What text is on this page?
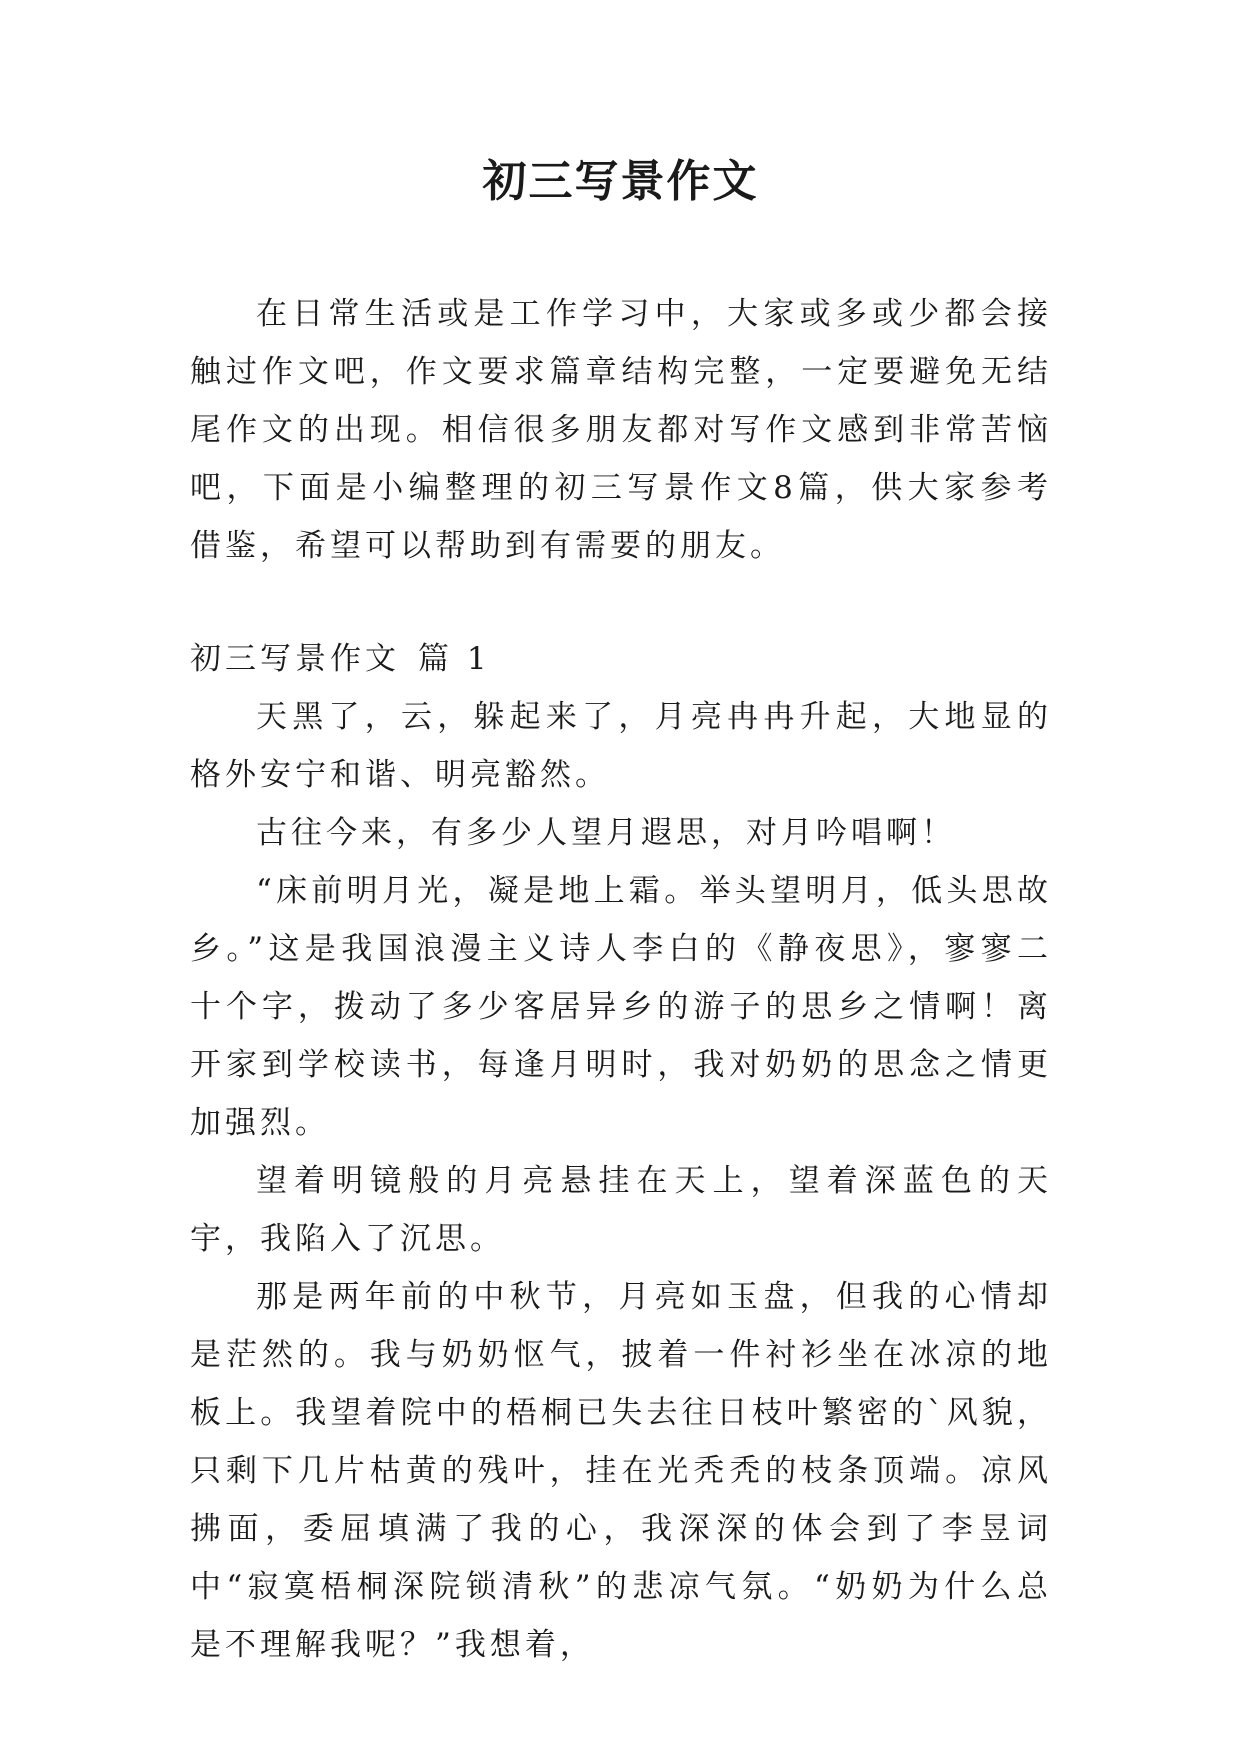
初三写景作文

在日常生活或是工作学习中，大家或多或少都会接触过作文吧，作文要求篇章结构完整，一定要避免无结尾作文的出现。相信很多朋友都对写作文感到非常苦恼吧，下面是小编整理的初三写景作文8篇，供大家参考借鉴，希望可以帮助到有需要的朋友。

初三写景作文 篇 1

天黑了，云，躲起来了，月亮冉冉升起，大地显的格外安宁和谐、明亮豁然。

古往今来，有多少人望月遐思，对月吟唱啊！

“床前明月光，凝是地上霜。举头望明月，低头思故乡。”这是我国浪漫主义诗人李白的《静夜思》，寥寥二十个字，拨动了多少客居异乡的游子的思乡之情啊！离开家到学校读书，每逢月明时，我对奶奶的思念之情更加强烈。

望着明镜般的月亮悬挂在天上，望着深蓝色的天宇，我陷入了沉思。

那是两年前的中秋节，月亮如玉盘，但我的心情却是茫然的。我与奶奶怄气，披着一件衬衫坐在冰凉的地板上。我望着院中的梧桐已失去往日枝叶繁密的`风貌，只剩下几片枯黄的残叶，挂在光秃秃的枝条顶端。凉风拂面，委屈填满了我的心，我深深的体会到了李昱词中“寂寞梧桐深院锁清秋”的悲凉气氛。“奶奶为什么总是不理解我呢？”我想着，
